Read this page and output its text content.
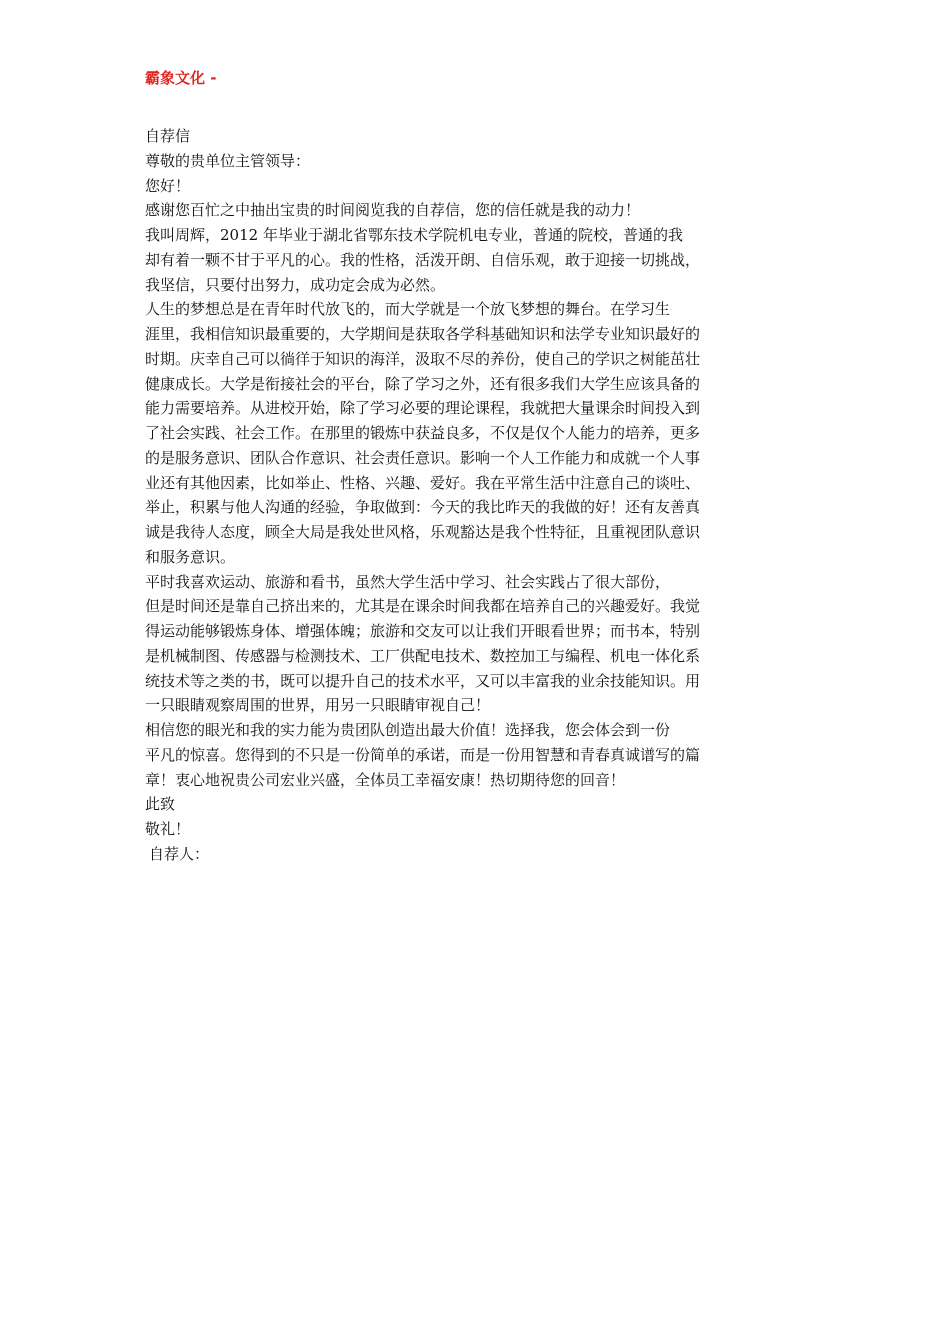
霸象文化 -
自荐信
尊敬的贵单位主管领导：
您好！
感谢您百忙之中抽出宝贵的时间阅览我的自荐信，您的信任就是我的动力！
我叫周辉，2012 年毕业于湖北省鄂东技术学院机电专业，普通的院校，普通的我
却有着一颗不甘于平凡的心。我的性格，活泼开朗、自信乐观，敢于迎接一切挑战，
我坚信，只要付出努力，成功定会成为必然。
人生的梦想总是在青年时代放飞的，而大学就是一个放飞梦想的舞台。在学习生
涯里，我相信知识最重要的，大学期间是获取各学科基础知识和法学专业知识最好的
时期。庆幸自己可以徜徉于知识的海洋，汲取不尽的养份，使自己的学识之树能茁壮
健康成长。大学是衔接社会的平台，除了学习之外，还有很多我们大学生应该具备的
能力需要培养。从进校开始，除了学习必要的理论课程，我就把大量课余时间投入到
了社会实践、社会工作。在那里的锻炼中获益良多，不仅是仅个人能力的培养，更多
的是服务意识、团队合作意识、社会责任意识。影响一个人工作能力和成就一个人事
业还有其他因素，比如举止、性格、兴趣、爱好。我在平常生活中注意自己的谈吐、
举止，积累与他人沟通的经验，争取做到：今天的我比昨天的我做的好！还有友善真
诚是我待人态度，顾全大局是我处世风格，乐观豁达是我个性特征，且重视团队意识
和服务意识。
平时我喜欢运动、旅游和看书，虽然大学生活中学习、社会实践占了很大部份，
但是时间还是靠自己挤出来的，尤其是在课余时间我都在培养自己的兴趣爱好。我觉
得运动能够锻炼身体、增强体魄；旅游和交友可以让我们开眼看世界；而书本，特别
是机械制图、传感器与检测技术、工厂供配电技术、数控加工与编程、机电一体化系
统技术等之类的书，既可以提升自己的技术水平，又可以丰富我的业余技能知识。用
一只眼睛观察周围的世界，用另一只眼睛审视自己！
相信您的眼光和我的实力能为贵团队创造出最大价值！选择我，您会体会到一份
平凡的惊喜。您得到的不只是一份简单的承诺，而是一份用智慧和青春真诚谱写的篇
章！衷心地祝贵公司宏业兴盛，全体员工幸福安康！热切期待您的回音！
此致
敬礼！
自荐人：
